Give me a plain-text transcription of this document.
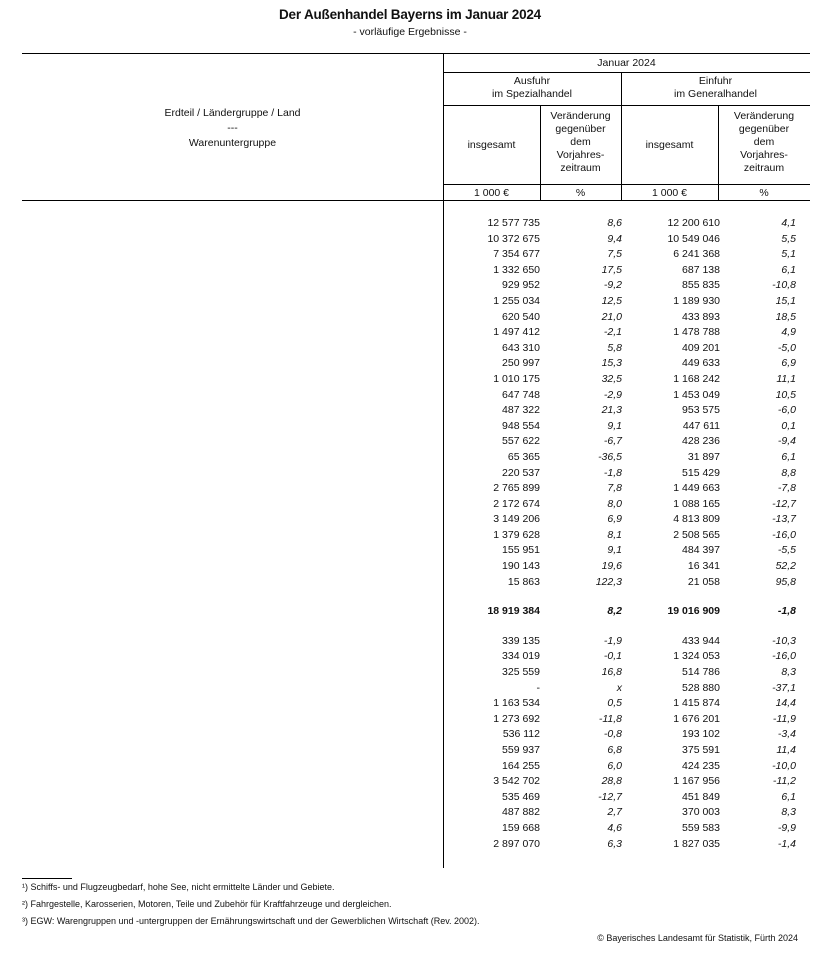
Der Außenhandel Bayerns im Januar 2024
- vorläufige Ergebnisse -
Erdteil / Ländergruppe / Land
---
Warenuntergruppe
Januar 2024
Ausfuhr
im Spezialhandel
Einfuhr
im Generalhandel
insgesamt
Veränderung
gegenüber
dem
Vorjahres-
zeitraum
insgesamt
Veränderung
gegenüber
dem
Vorjahres-
zeitraum
1 000 €	%	1 000 €	%
12 577 735	8,6	12 200 610	4,1
10 372 675	9,4	10 549 046	5,5
7 354 677	7,5	6 241 368	5,1
1 332 650	17,5	687 138	6,1
929 952	-9,2	855 835	-10,8
1 255 034	12,5	1 189 930	15,1
620 540	21,0	433 893	18,5
1 497 412	-2,1	1 478 788	4,9
643 310	5,8	409 201	-5,0
250 997	15,3	449 633	6,9
1 010 175	32,5	1 168 242	11,1
647 748	-2,9	1 453 049	10,5
487 322	21,3	953 575	-6,0
948 554	9,1	447 611	0,1
557 622	-6,7	428 236	-9,4
65 365	-36,5	31 897	6,1
220 537	-1,8	515 429	8,8
2 765 899	7,8	1 449 663	-7,8
2 172 674	8,0	1 088 165	-12,7
3 149 206	6,9	4 813 809	-13,7
1 379 628	8,1	2 508 565	-16,0
155 951	9,1	484 397	-5,5
190 143	19,6	16 341	52,2
15 863	122,3	21 058	95,8
18 919 384	8,2	19 016 909	-1,8
339 135	-1,9	433 944	-10,3
334 019	-0,1	1 324 053	-16,0
325 559	16,8	514 786	8,3
-	x	528 880	-37,1
1 163 534	0,5	1 415 874	14,4
1 273 692	-11,8	1 676 201	-11,9
536 112	-0,8	193 102	-3,4
559 937	6,8	375 591	11,4
164 255	6,0	424 235	-10,0
3 542 702	28,8	1 167 956	-11,2
535 469	-12,7	451 849	6,1
487 882	2,7	370 003	8,3
159 668	4,6	559 583	-9,9
2 897 070	6,3	1 827 035	-1,4
¹) Schiffs- und Flugzeugbedarf, hohe See, nicht ermittelte Länder und Gebiete.
²) Fahrgestelle, Karosserien, Motoren, Teile und Zubehör für Kraftfahrzeuge und dergleichen.
³) EGW: Warengruppen und -untergruppen der Ernährungswirtschaft und der Gewerblichen Wirtschaft (Rev. 2002).
© Bayerisches Landesamt für Statistik, Fürth 2024
